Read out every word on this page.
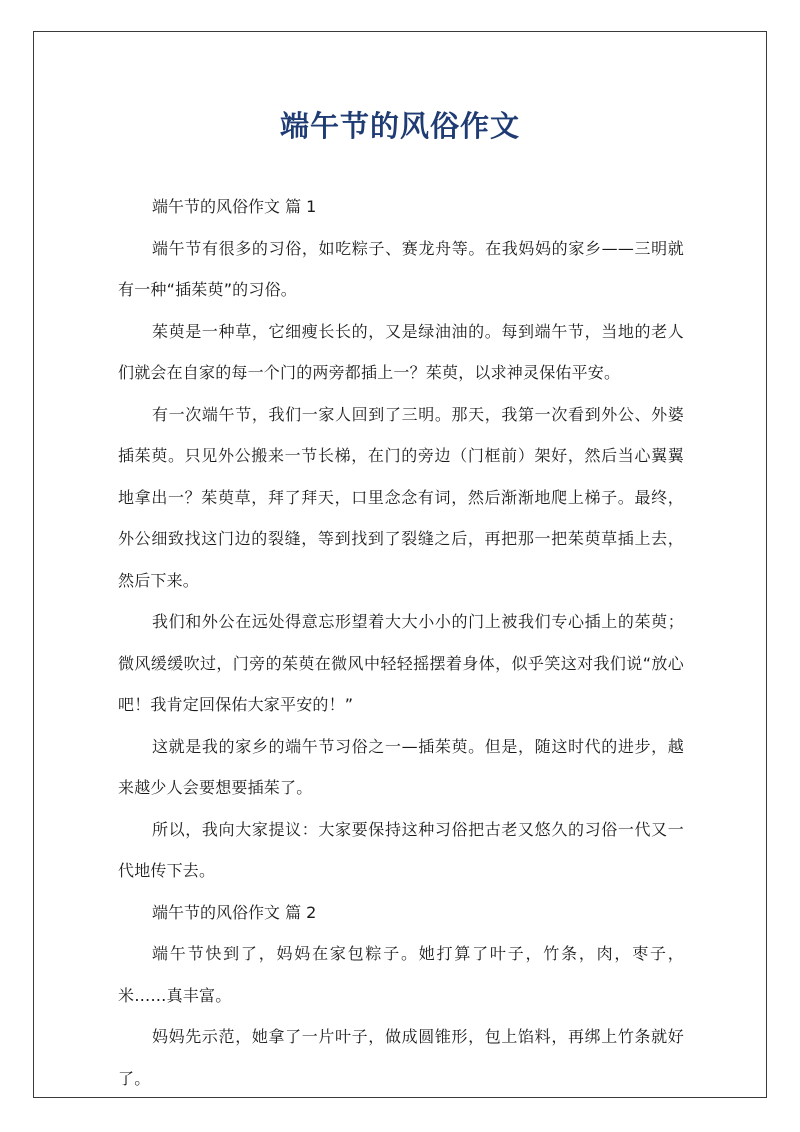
端午节的风俗作文

端午节的风俗作文 篇 1

端午节有很多的习俗，如吃粽子、赛龙舟等。在我妈妈的家乡——三明就有一种“插茱萸”的习俗。

茱萸是一种草，它细瘦长长的，又是绿油油的。每到端午节，当地的老人们就会在自家的每一个门的两旁都插上一？茱萸，以求神灵保佑平安。

有一次端午节，我们一家人回到了三明。那天，我第一次看到外公、外婆插茱萸。只见外公搬来一节长梯，在门的旁边（门框前）架好，然后当心翼翼地拿出一？茱萸草，拜了拜天，口里念念有词，然后渐渐地爬上梯子。最终，外公细致找这门边的裂缝，等到找到了裂缝之后，再把那一把茱萸草插上去，然后下来。

我们和外公在远处得意忘形望着大大小小的门上被我们专心插上的茱萸；微风缓缓吹过，门旁的茱萸在微风中轻轻摇摆着身体，似乎笑这对我们说“放心吧！我肯定回保佑大家平安的！”

这就是我的家乡的端午节习俗之一—插茱萸。但是，随这时代的进步，越来越少人会要想要插茱了。

所以，我向大家提议：大家要保持这种习俗把古老又悠久的习俗一代又一代地传下去。

端午节的风俗作文 篇 2

端午节快到了，妈妈在家包粽子。她打算了叶子，竹条，肉，枣子，米……真丰富。

妈妈先示范，她拿了一片叶子，做成圆锥形，包上馅料，再绑上竹条就好了。
